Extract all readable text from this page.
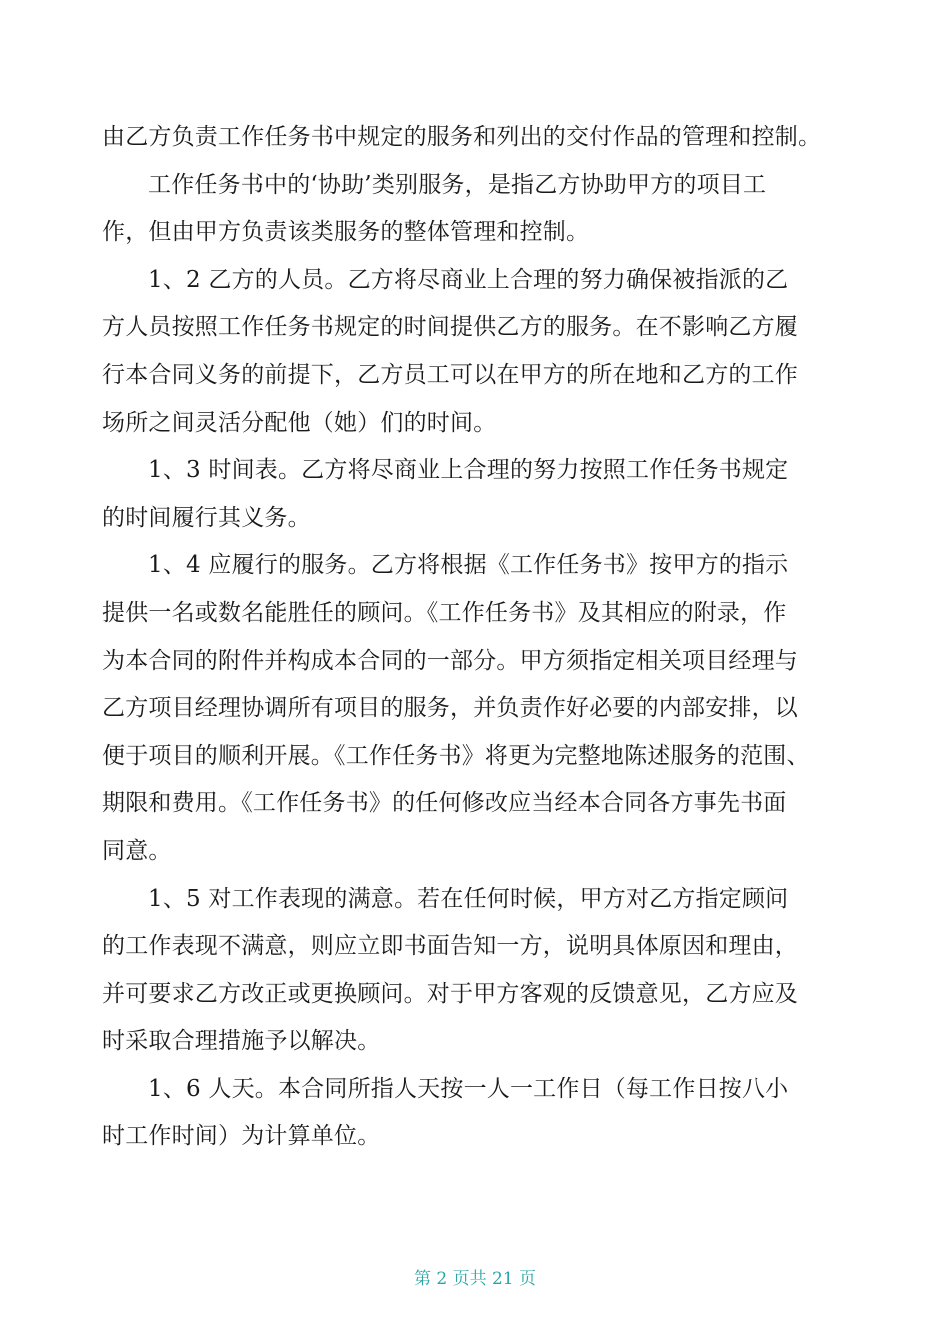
由乙方负责工作任务书中规定的服务和列出的交付作品的管理和控制。
工作任务书中的‘协助’类别服务，是指乙方协助甲方的项目工
作，但由甲方负责该类服务的整体管理和控制。
1、2 乙方的人员。乙方将尽商业上合理的努力确保被指派的乙
方人员按照工作任务书规定的时间提供乙方的服务。在不影响乙方履
行本合同义务的前提下，乙方员工可以在甲方的所在地和乙方的工作
场所之间灵活分配他（她）们的时间。
1、3 时间表。乙方将尽商业上合理的努力按照工作任务书规定
的时间履行其义务。
1、4 应履行的服务。乙方将根据《工作任务书》按甲方的指示
提供一名或数名能胜任的顾问。《工作任务书》及其相应的附录，作
为本合同的附件并构成本合同的一部分。甲方须指定相关项目经理与
乙方项目经理协调所有项目的服务，并负责作好必要的内部安排，以
便于项目的顺利开展。《工作任务书》将更为完整地陈述服务的范围、
期限和费用。《工作任务书》的任何修改应当经本合同各方事先书面
同意。
1、5 对工作表现的满意。若在任何时候，甲方对乙方指定顾问
的工作表现不满意，则应立即书面告知一方，说明具体原因和理由，
并可要求乙方改正或更换顾问。对于甲方客观的反馈意见，乙方应及
时采取合理措施予以解决。
1、6 人天。本合同所指人天按一人一工作日（每工作日按八小
时工作时间）为计算单位。
第 2 页共 21 页
